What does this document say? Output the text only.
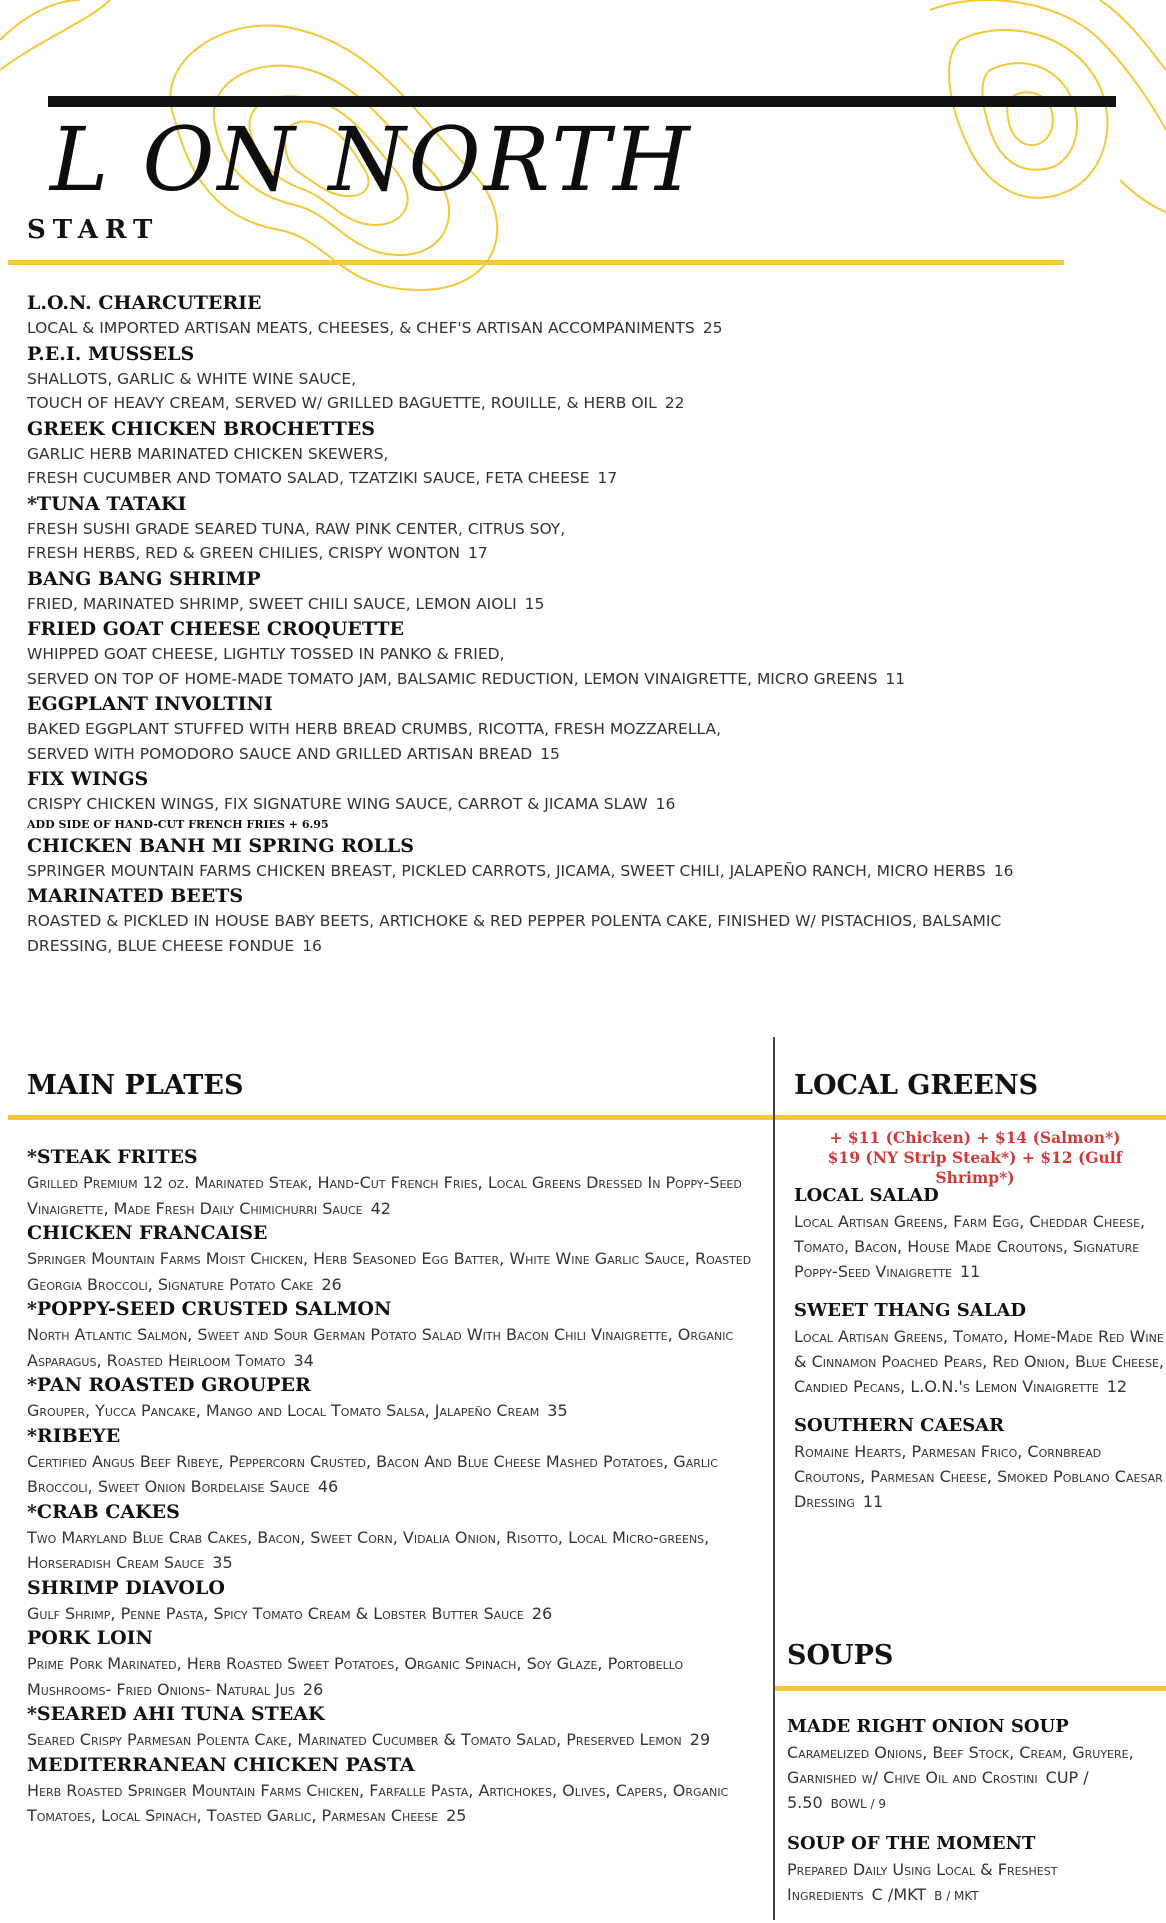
L ON NORTH
START

L.O.N. CHARCUTERIE

LOCAL & IMPORTED ARTISAN MEATS, CHEESES, & CHEF'S ARTISAN ACCOMPANIMENTS 25

P.E.I. MUSSELS

SHALLOTS, GARLIC & WHITE WINE SAUCE,
TOUCH OF HEAVY CREAM, SERVED W/ GRILLED BAGUETTE, ROUILLE, & HERB OIL 22

GREEK CHICKEN BROCHETTES

GARLIC HERB MARINATED CHICKEN SKEWERS,
FRESH CUCUMBER AND TOMATO SALAD, TZATZIKI SAUCE, FETA CHEESE 17

*TUNA TATAKI

FRESH SUSHI GRADE SEARED TUNA, RAW PINK CENTER, CITRUS SOY,
FRESH HERBS, RED & GREEN CHILIES, CRISPY WONTON 17

BANG BANG SHRIMP

FRIED, MARINATED SHRIMP, SWEET CHILI SAUCE, LEMON AIOLI 15

FRIED GOAT CHEESE CROQUETTE

WHIPPED GOAT CHEESE, LIGHTLY TOSSED IN PANKO & FRIED,
SERVED ON TOP OF HOME-MADE TOMATO JAM, BALSAMIC REDUCTION, LEMON VINAIGRETTE, MICRO GREENS 11

EGGPLANT INVOLTINI

BAKED EGGPLANT STUFFED WITH HERB BREAD CRUMBS, RICOTTA, FRESH MOZZARELLA,
SERVED WITH POMODORO SAUCE AND GRILLED ARTISAN BREAD 15

FIX WINGS

CRISPY CHICKEN WINGS, FIX SIGNATURE WING SAUCE, CARROT & JICAMA SLAW 16

ADD SIDE OF HAND-CUT FRENCH FRIES + 6.95

CHICKEN BANH MI SPRING ROLLS

SPRINGER MOUNTAIN FARMS CHICKEN BREAST, PICKLED CARROTS, JICAMA, SWEET CHILI, JALAPEÑO RANCH, MICRO HERBS 16

MARINATED BEETS

ROASTED & PICKLED IN HOUSE BABY BEETS, ARTICHOKE & RED PEPPER POLENTA CAKE, FINISHED W/ PISTACHIOS, BALSAMIC DRESSING, BLUE CHEESE FONDUE 16

MAIN PLATES	LOCAL GREENS

*STEAK FRITES

Grilled Premium 12 oz. Marinated Steak, Hand-Cut French Fries, Local Greens Dressed In Poppy-Seed Vinaigrette, Made Fresh Daily Chimichurri Sauce 42

CHICKEN FRANCAISE

Springer Mountain Farms Moist Chicken, Herb Seasoned Egg Batter, White Wine Garlic Sauce, Roasted Georgia Broccoli, Signature Potato Cake 26

*POPPY-SEED CRUSTED SALMON

North Atlantic Salmon, Sweet and Sour German Potato Salad With Bacon Chili Vinaigrette, Organic Asparagus, Roasted Heirloom Tomato 34

*PAN ROASTED GROUPER

Grouper, Yucca Pancake, Mango and Local Tomato Salsa, Jalapeño Cream 35

*RIBEYE

Certified Angus Beef Ribeye, Peppercorn Crusted, Bacon And Blue Cheese Mashed Potatoes, Garlic Broccoli, Sweet Onion Bordelaise Sauce 46

*CRAB CAKES

Two Maryland Blue Crab Cakes, Bacon, Sweet Corn, Vidalia Onion, Risotto, Local Micro-greens, Horseradish Cream Sauce 35

SHRIMP DIAVOLO

Gulf Shrimp, Penne Pasta, Spicy Tomato Cream & Lobster Butter Sauce 26

PORK LOIN

Prime Pork Marinated, Herb Roasted Sweet Potatoes, Organic Spinach, Soy Glaze, Portobello Mushrooms- Fried Onions- Natural Jus 26

*SEARED AHI TUNA STEAK

Seared Crispy Parmesan Polenta Cake, Marinated Cucumber & Tomato Salad, Preserved Lemon 29

MEDITERRANEAN CHICKEN PASTA

Herb Roasted Springer Mountain Farms Chicken, Farfalle Pasta, Artichokes, Olives, Capers, Organic Tomatoes, Local Spinach, Toasted Garlic, Parmesan Cheese 25

+ $11 (Chicken) + $14 (Salmon*)
$19 (NY Strip Steak*) + $12 (Gulf Shrimp*)

LOCAL SALAD

Local Artisan Greens, Farm Egg, Cheddar Cheese, Tomato, Bacon, House Made Croutons, Signature Poppy-Seed Vinaigrette 11

SWEET THANG SALAD

Local Artisan Greens, Tomato, Home-Made Red Wine & Cinnamon Poached Pears, Red Onion, Blue Cheese, Candied Pecans, L.O.N.'s Lemon Vinaigrette 12

SOUTHERN CAESAR

Romaine Hearts, Parmesan Frico, Cornbread Croutons, Parmesan Cheese, Smoked Poblano Caesar Dressing 11

SOUPS

MADE RIGHT ONION SOUP

Caramelized Onions, Beef Stock, Cream, Gruyere, Garnished w/ Chive Oil and Crostini CUP / 5.50 BOWL / 9

SOUP OF THE MOMENT

Prepared Daily Using Local & Freshest Ingredients C /MKT B / MKT
